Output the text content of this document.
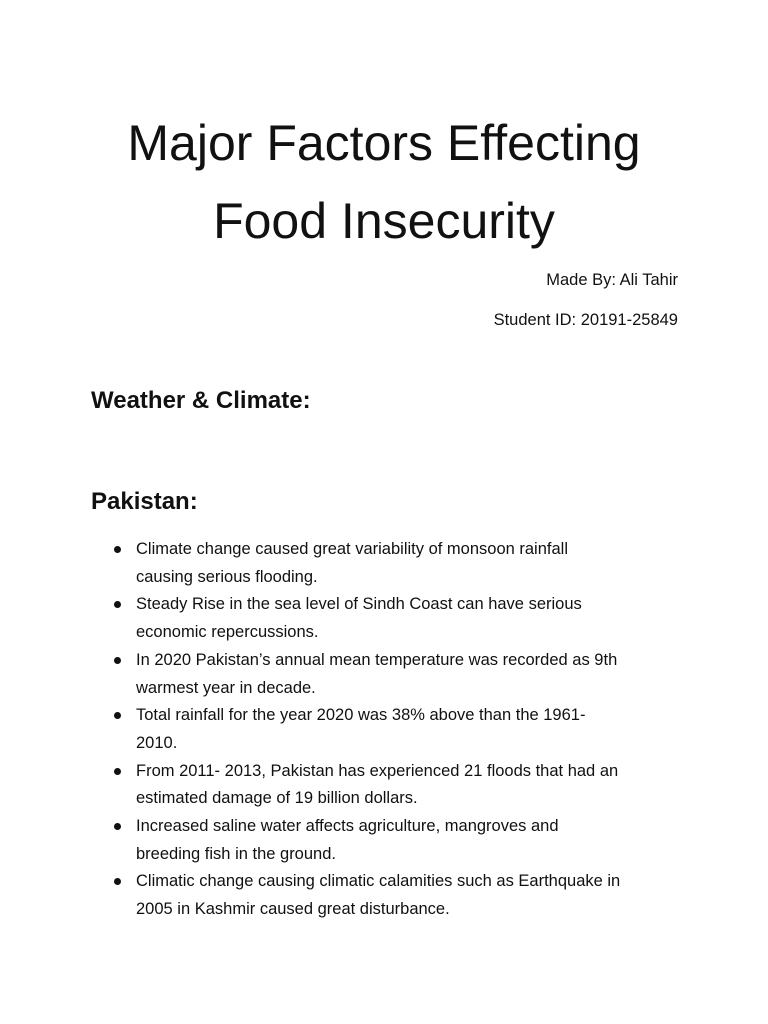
Major Factors Effecting
Food Insecurity
Made By: Ali Tahir
Student ID: 20191-25849
Weather & Climate:
Pakistan:
Climate change caused great variability of monsoon rainfall
causing serious flooding.
Steady Rise in the sea level of Sindh Coast can have serious
economic repercussions.
In 2020 Pakistan’s annual mean temperature was recorded as 9th
warmest year in decade.
Total rainfall for the year 2020 was 38% above than the 1961-
2010.
From 2011- 2013, Pakistan has experienced 21 floods that had an
estimated damage of 19 billion dollars.
Increased saline water affects agriculture, mangroves and
breeding fish in the ground.
Climatic change causing climatic calamities such as Earthquake in
2005 in Kashmir caused great disturbance.
